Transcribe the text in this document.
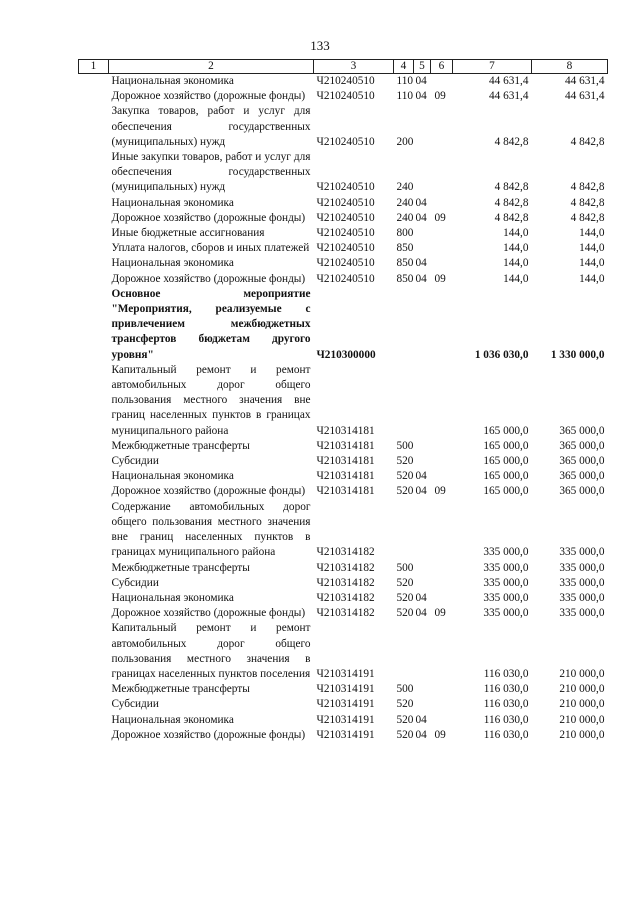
133
1	2	3	4	5	6	7	8
	Национальная экономика	Ч210240510	110	04		44 631,4	44 631,4
	Дорожное хозяйство (дорожные фонды)	Ч210240510	110	04	09	44 631,4	44 631,4
	Закупка товаров, работ и услуг для обеспечения государственных (муниципальных) нужд	Ч210240510	200			4 842,8	4 842,8
	Иные закупки товаров, работ и услуг для обеспечения государственных (муниципальных) нужд	Ч210240510	240			4 842,8	4 842,8
	Национальная экономика	Ч210240510	240	04		4 842,8	4 842,8
	Дорожное хозяйство (дорожные фонды)	Ч210240510	240	04	09	4 842,8	4 842,8
	Иные бюджетные ассигнования	Ч210240510	800			144,0	144,0
	Уплата налогов, сборов и иных платежей	Ч210240510	850			144,0	144,0
	Национальная экономика	Ч210240510	850	04		144,0	144,0
	Дорожное хозяйство (дорожные фонды)	Ч210240510	850	04	09	144,0	144,0
	Основное мероприятие "Мероприятия, реализуемые с привлечением межбюджетных трансфертов бюджетам другого уровня"	Ч210300000				1 036 030,0	1 330 000,0
	Капитальный ремонт и ремонт автомобильных дорог общего пользования местного значения вне границ населенных пунктов в границах муниципального района	Ч210314181				165 000,0	365 000,0
	Межбюджетные трансферты	Ч210314181	500			165 000,0	365 000,0
	Субсидии	Ч210314181	520			165 000,0	365 000,0
	Национальная экономика	Ч210314181	520	04		165 000,0	365 000,0
	Дорожное хозяйство (дорожные фонды)	Ч210314181	520	04	09	165 000,0	365 000,0
	Содержание автомобильных дорог общего пользования местного значения вне границ населенных пунктов в границах муниципального района	Ч210314182				335 000,0	335 000,0
	Межбюджетные трансферты	Ч210314182	500			335 000,0	335 000,0
	Субсидии	Ч210314182	520			335 000,0	335 000,0
	Национальная экономика	Ч210314182	520	04		335 000,0	335 000,0
	Дорожное хозяйство (дорожные фонды)	Ч210314182	520	04	09	335 000,0	335 000,0
	Капитальный ремонт и ремонт автомобильных дорог общего пользования местного значения в границах населенных пунктов поселения	Ч210314191				116 030,0	210 000,0
	Межбюджетные трансферты	Ч210314191	500			116 030,0	210 000,0
	Субсидии	Ч210314191	520			116 030,0	210 000,0
	Национальная экономика	Ч210314191	520	04		116 030,0	210 000,0
	Дорожное хозяйство (дорожные фонды)	Ч210314191	520	04	09	116 030,0	210 000,0
